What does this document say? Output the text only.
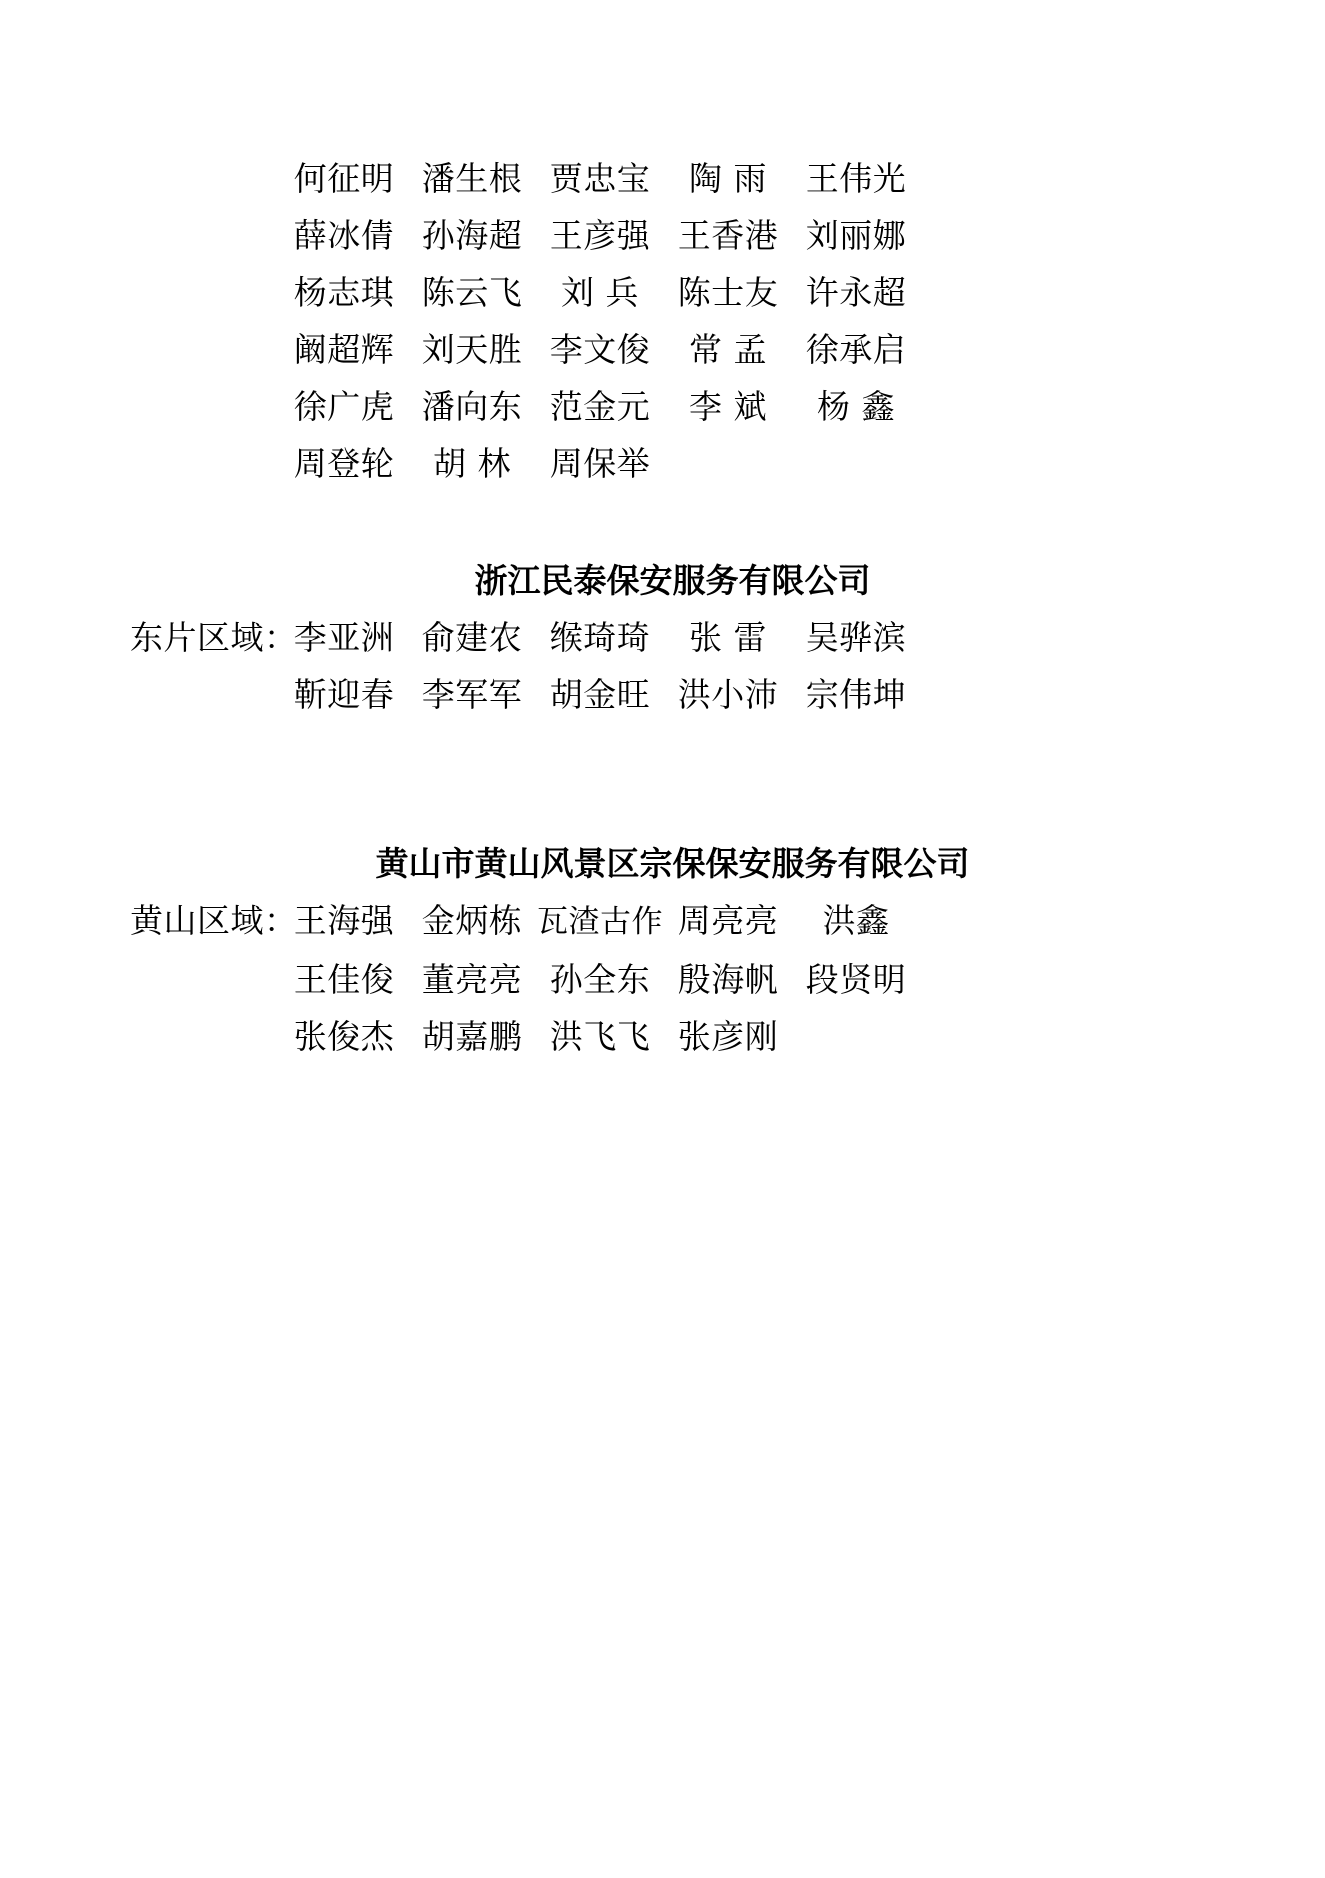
何征明 潘生根 贾忠宝	陶 雨	王伟光
薛冰倩 孙海超 王彦强 王香港 刘丽娜
杨志琪 陈云飞	刘 兵	陈士友 许永超
阚超辉 刘天胜 李文俊	常 孟	徐承启
徐广虎 潘向东 范金元	李 斌	杨 鑫
周登轮	胡 林	周保举
浙江民泰保安服务有限公司
东片区域：
李亚洲 俞建农 缑琦琦	张 雷	吴骅滨
靳迎春 李军军 胡金旺 洪小沛 宗伟坤
黄山市黄山风景区宗保保安服务有限公司
黄山区域：
王海强 金炳栋 瓦渣古作 周亮亮	洪鑫
王佳俊 董亮亮 孙全东 殷海帆 段贤明
张俊杰 胡嘉鹏 洪飞飞 张彦刚
